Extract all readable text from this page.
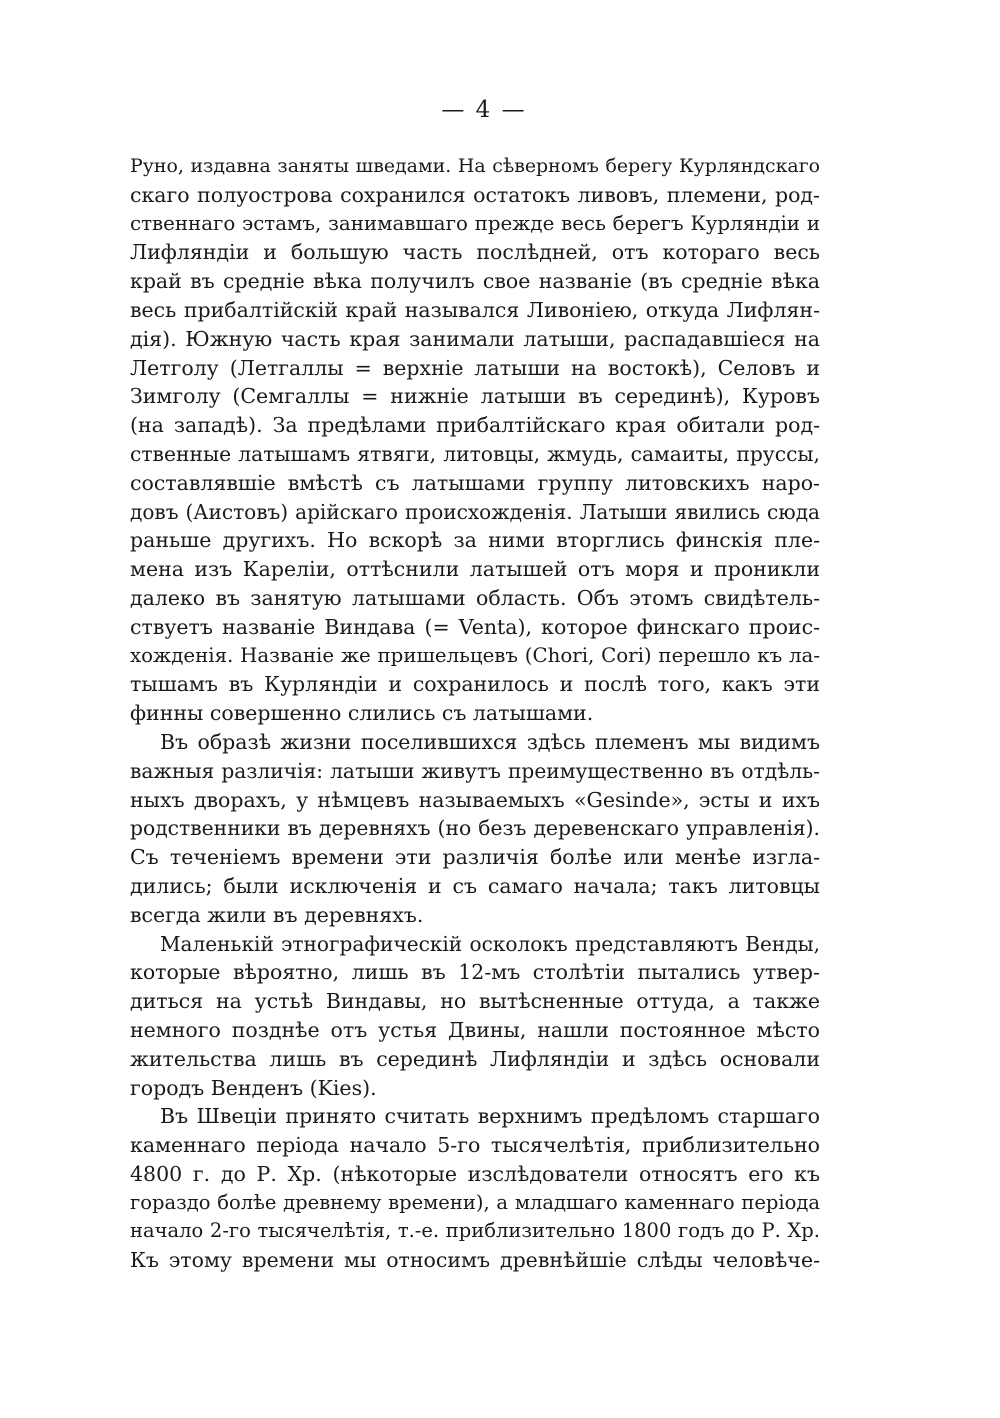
— 4 —
Руно, издавна заняты шведами. На сѣверномъ берегу Курляндскаго
скаго полуострова сохранился остатокъ ливовъ, племени, род-
ственнаго эстамъ, занимавшаго прежде весь берегъ Курляндіи и
Лифляндіи и большую часть послѣдней, отъ котораго весь
край въ средніе вѣка получилъ свое названіе (въ средніе вѣка
весь прибалтійскій край назывался Ливоніею, откуда Лифлян-
дія). Южную часть края занимали латыши, распадавшіеся на
Летголу (Летгаллы = верхніе латыши на востокѣ), Селовъ и
Зимголу (Семгаллы = нижніе латыши въ серединѣ), Куровъ
(на западѣ). За предѣлами прибалтійскаго края обитали род-
ственные латышамъ ятвяги, литовцы, жмудь, самаиты, пруссы,
составлявшіе вмѣстѣ съ латышами группу литовскихъ наро-
довъ (Аистовъ) арійскаго происхожденія. Латыши явились сюда
раньше другихъ. Но вскорѣ за ними вторглись финскія пле-
мена изъ Кареліи, оттѣснили латышей отъ моря и проникли
далеко въ занятую латышами область. Объ этомъ свидѣтель-
ствуетъ названіе Виндава (= Venta), которое финскаго проис-
хожденія. Названіе же пришельцевъ (Chori, Cori) перешло къ ла-
тышамъ въ Курляндіи и сохранилось и послѣ того, какъ эти
финны совершенно слились съ латышами.
Въ образѣ жизни поселившихся здѣсь племенъ мы видимъ
важныя различія: латыши живутъ преимущественно въ отдѣль-
ныхъ дворахъ, у нѣмцевъ называемыхъ «Gesinde», эсты и ихъ
родственники въ деревняхъ (но безъ деревенскаго управленія).
Съ теченіемъ времени эти различія болѣе или менѣе изгла-
дились; были исключенія и съ самаго начала; такъ литовцы
всегда жили въ деревняхъ.
Маленькій этнографическій осколокъ представляютъ Венды,
которые вѣроятно, лишь въ 12-мъ столѣтіи пытались утвер-
диться на устьѣ Виндавы, но вытѣсненные оттуда, а также
немного позднѣе отъ устья Двины, нашли постоянное мѣсто
жительства лишь въ серединѣ Лифляндіи и здѣсь основали
городъ Венденъ (Kies).
Въ Швеціи принято считать верхнимъ предѣломъ старшаго
каменнаго періода начало 5-го тысячелѣтія, приблизительно
4800 г. до Р. Хр. (нѣкоторые изслѣдователи относятъ его къ
гораздо болѣе древнему времени), а младшаго каменнаго періода
начало 2-го тысячелѣтія, т.-е. приблизительно 1800 годъ до Р. Хр.
Къ этому времени мы относимъ древнѣйшіе слѣды человѣче-
